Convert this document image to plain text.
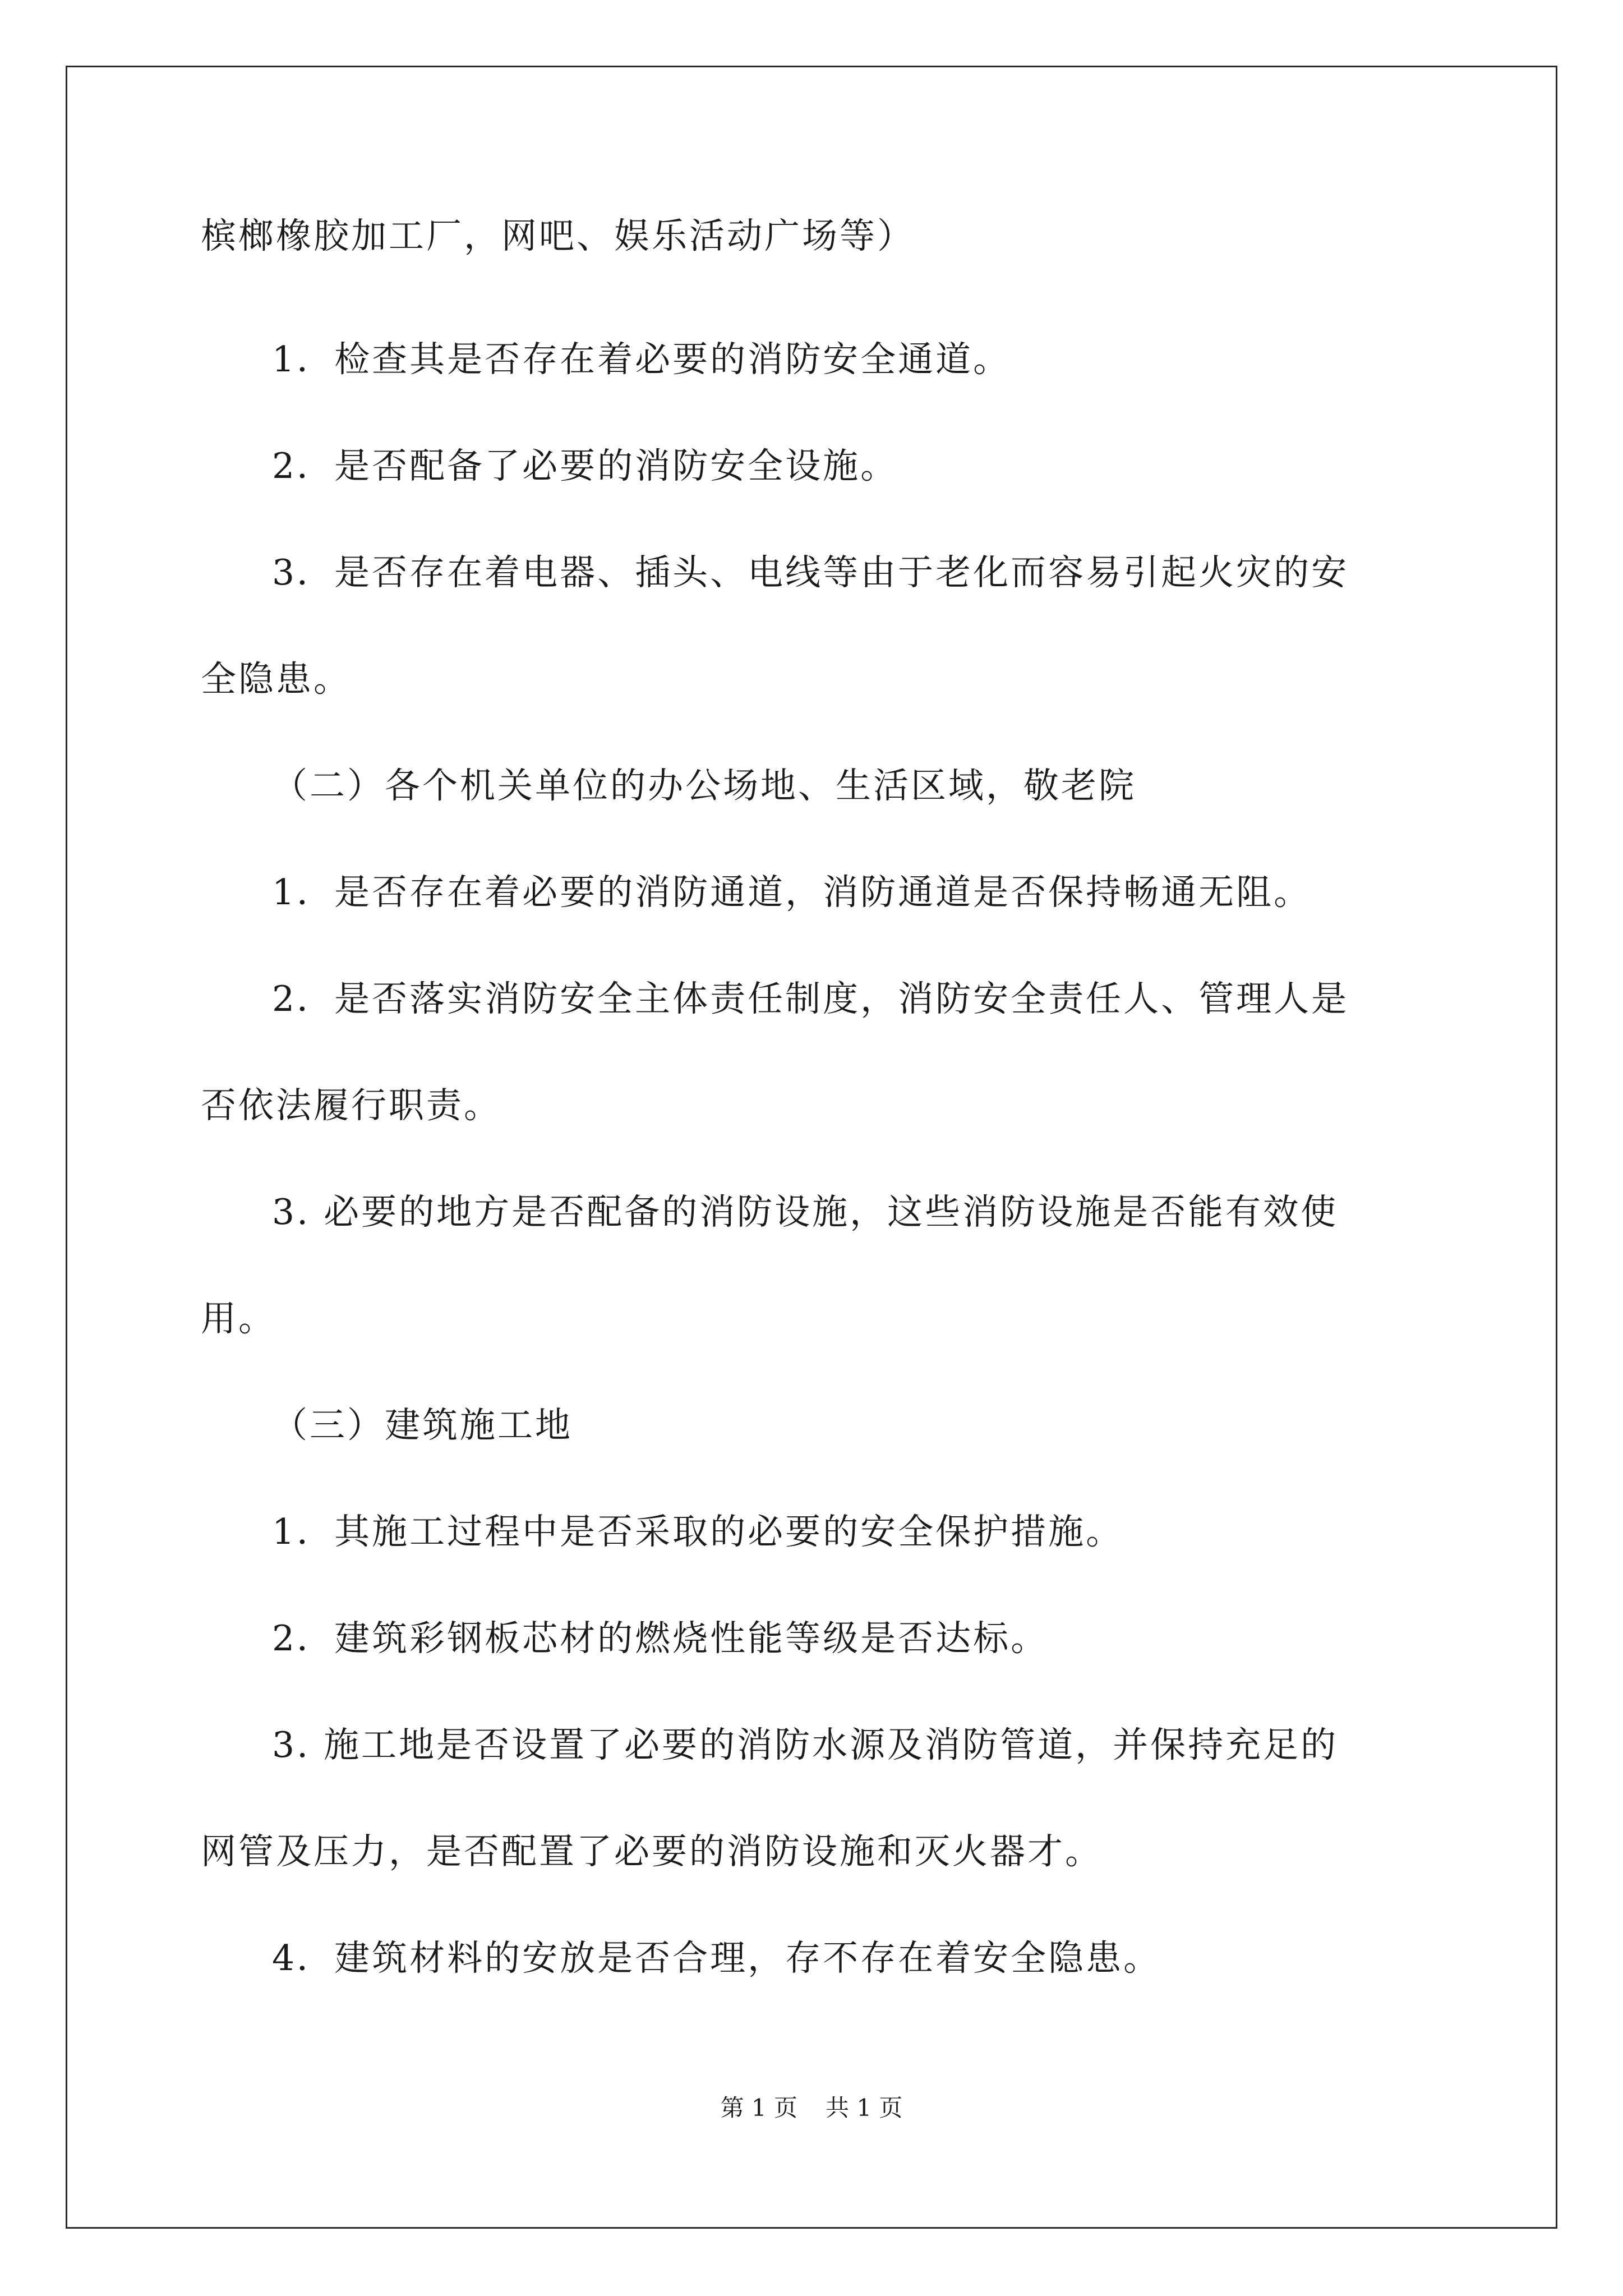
槟榔橡胶加工厂，网吧、娱乐活动广场等）
1．检查其是否存在着必要的消防安全通道。
2．是否配备了必要的消防安全设施。
3．是否存在着电器、插头、电线等由于老化而容易引起火灾的安
全隐患。
（二）各个机关单位的办公场地、生活区域，敬老院
1．是否存在着必要的消防通道，消防通道是否保持畅通无阻。
2．是否落实消防安全主体责任制度，消防安全责任人、管理人是
否依法履行职责。
3. 必要的地方是否配备的消防设施，这些消防设施是否能有效使
用。
（三）建筑施工地
1．其施工过程中是否采取的必要的安全保护措施。
2．建筑彩钢板芯材的燃烧性能等级是否达标。
3. 施工地是否设置了必要的消防水源及消防管道，并保持充足的
网管及压力，是否配置了必要的消防设施和灭火器才。
4．建筑材料的安放是否合理，存不存在着安全隐患。
第 1 页 共 1 页
